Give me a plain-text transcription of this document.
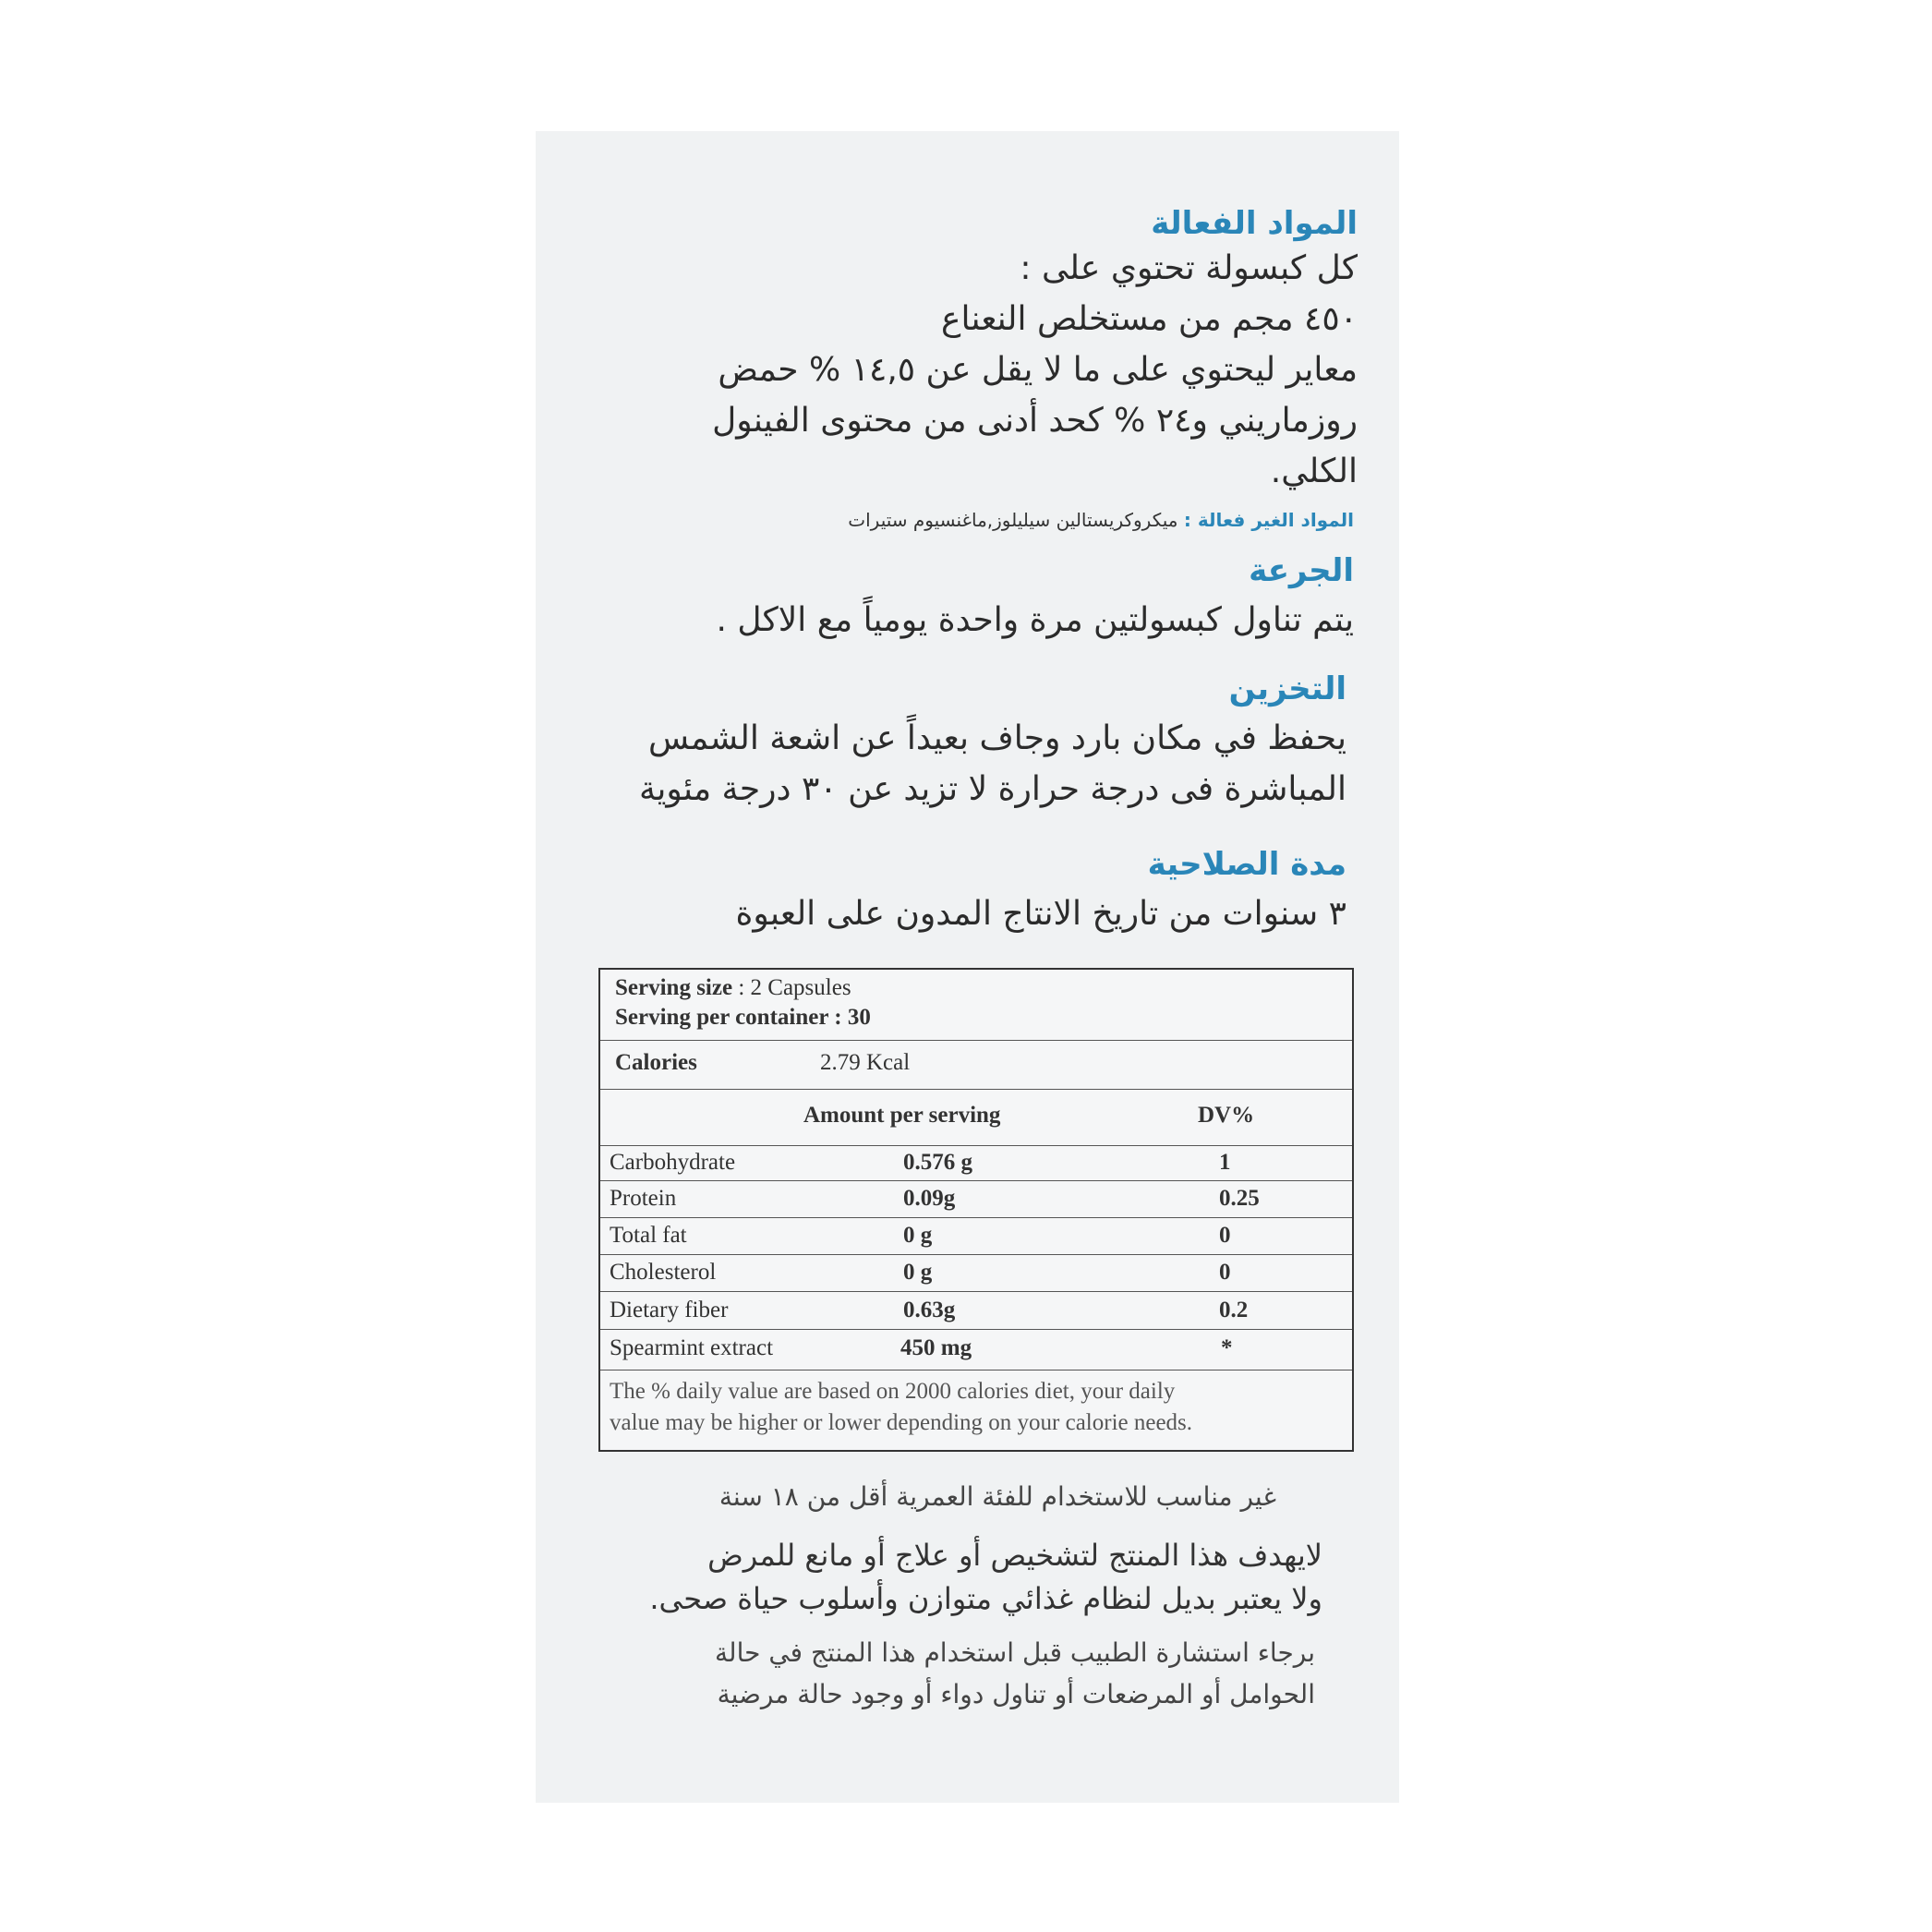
المواد الفعالة
كل كبسولة تحتوي على :
٤٥٠ مجم من مستخلص النعناع
معاير ليحتوي على ما لا يقل عن ١٤,٥ % حمض
روزماريني و٢٤ % كحد أدنى من محتوى الفينول
الكلي.
المواد الغير فعالة : ميكروكريستالين سيليلوز,ماغنسيوم ستيرات
الجرعة
يتم تناول كبسولتين مرة واحدة يومياً مع الاكل .
التخزين
يحفظ في مكان بارد وجاف بعيداً عن اشعة الشمس
المباشرة فى درجة حرارة لا تزيد عن ٣٠ درجة مئوية
مدة الصلاحية
٣ سنوات من تاريخ الانتاج المدون على العبوة
Serving size : 2 Capsules
Serving per container : 30
Calories	2.79 Kcal
Amount per serving	DV%
Carbohydrate	0.576 g	1
Protein	0.09g	0.25
Total fat	0 g	0
Cholesterol	0 g	0
Dietary fiber	0.63g	0.2
Spearmint extract	450 mg	*
The % daily value are based on 2000 calories diet, your daily
value may be higher or lower depending on your calorie needs.
غير مناسب للاستخدام للفئة العمرية أقل من ١٨ سنة
لايهدف هذا المنتج لتشخيص أو علاج أو مانع للمرض
ولا يعتبر بديل لنظام غذائي متوازن وأسلوب حياة صحى.
برجاء استشارة الطبيب قبل استخدام هذا المنتج في حالة
الحوامل أو المرضعات أو تناول دواء أو وجود حالة مرضية
